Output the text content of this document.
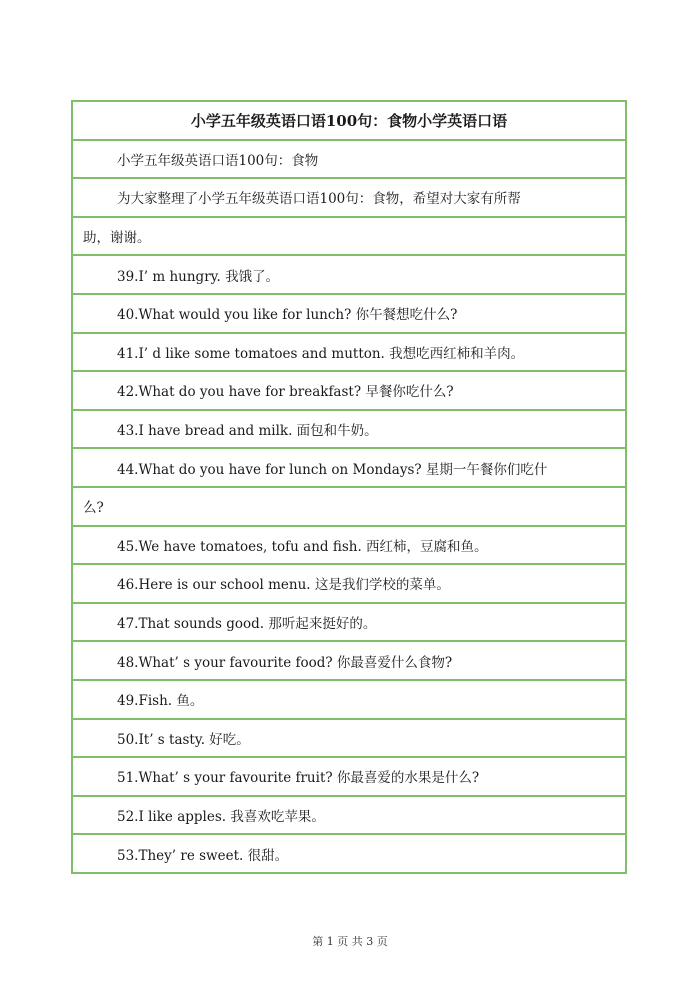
小学五年级英语口语100句：食物小学英语口语
小学五年级英语口语100句：食物
为大家整理了小学五年级英语口语100句：食物，希望对大家有所帮
助，谢谢。
39.I’ m hungry. 我饿了。
40.What would you like for lunch? 你午餐想吃什么?
41.I’ d like some tomatoes and mutton. 我想吃西红柿和羊肉。
42.What do you have for breakfast? 早餐你吃什么?
43.I have bread and milk. 面包和牛奶。
44.What do you have for lunch on Mondays? 星期一午餐你们吃什
么?
45.We have tomatoes, tofu and fish. 西红柿，豆腐和鱼。
46.Here is our school menu. 这是我们学校的菜单。
47.That sounds good. 那听起来挺好的。
48.What’ s your favourite food? 你最喜爱什么食物?
49.Fish. 鱼。
50.It’ s tasty. 好吃。
51.What’ s your favourite fruit? 你最喜爱的水果是什么?
52.I like apples. 我喜欢吃苹果。
53.They’ re sweet. 很甜。
第 1 页 共 3 页
